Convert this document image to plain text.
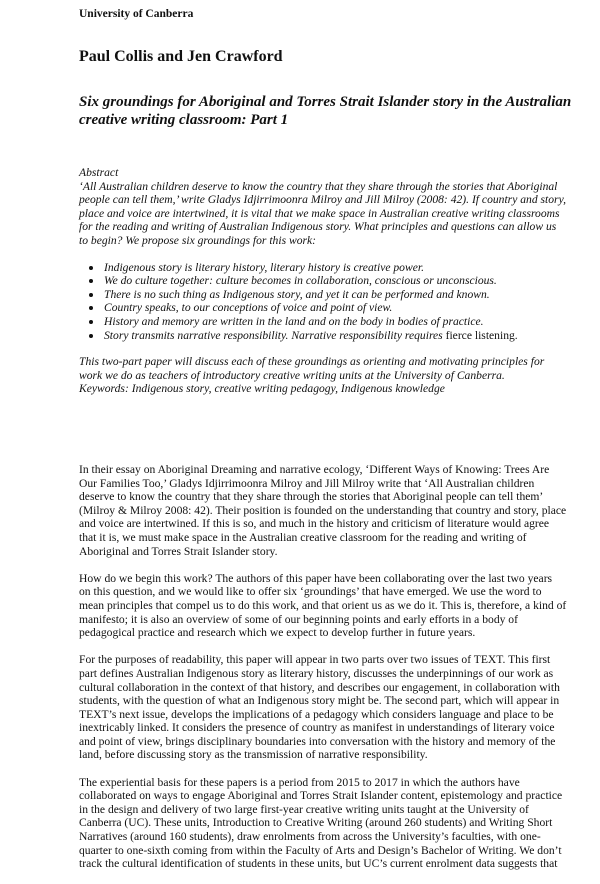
University of Canberra
Paul Collis and Jen Crawford
Six groundings for Aboriginal and Torres Strait Islander story in the Australian
creative writing classroom: Part 1
Abstract
‘All Australian children deserve to know the country that they share through the stories that Aboriginal
people can tell them,’ write Gladys Idjirrimoonra Milroy and Jill Milroy (2008: 42). If country and story,
place and voice are intertwined, it is vital that we make space in Australian creative writing classrooms
for the reading and writing of Australian Indigenous story. What principles and questions can allow us
to begin? We propose six groundings for this work:
Indigenous story is literary history, literary history is creative power.
We do culture together: culture becomes in collaboration, conscious or unconscious.
There is no such thing as Indigenous story, and yet it can be performed and known.
Country speaks, to our conceptions of voice and point of view.
History and memory are written in the land and on the body in bodies of practice.
Story transmits narrative responsibility. Narrative responsibility requires fierce listening.
This two-part paper will discuss each of these groundings as orienting and motivating principles for
work we do as teachers of introductory creative writing units at the University of Canberra.
Keywords: Indigenous story, creative writing pedagogy, Indigenous knowledge
In their essay on Aboriginal Dreaming and narrative ecology, ‘Different Ways of Knowing: Trees Are
Our Families Too,’ Gladys Idjirrimoonra Milroy and Jill Milroy write that ‘All Australian children
deserve to know the country that they share through the stories that Aboriginal people can tell them’
(Milroy & Milroy 2008: 42). Their position is founded on the understanding that country and story, place
and voice are intertwined. If this is so, and much in the history and criticism of literature would agree
that it is, we must make space in the Australian creative classroom for the reading and writing of
Aboriginal and Torres Strait Islander story.
How do we begin this work? The authors of this paper have been collaborating over the last two years
on this question, and we would like to offer six ‘groundings’ that have emerged. We use the word to
mean principles that compel us to do this work, and that orient us as we do it. This is, therefore, a kind of
manifesto; it is also an overview of some of our beginning points and early efforts in a body of
pedagogical practice and research which we expect to develop further in future years.
For the purposes of readability, this paper will appear in two parts over two issues of TEXT. This first
part defines Australian Indigenous story as literary history, discusses the underpinnings of our work as
cultural collaboration in the context of that history, and describes our engagement, in collaboration with
students, with the question of what an Indigenous story might be. The second part, which will appear in
TEXT’s next issue, develops the implications of a pedagogy which considers language and place to be
inextricably linked. It considers the presence of country as manifest in understandings of literary voice
and point of view, brings disciplinary boundaries into conversation with the history and memory of the
land, before discussing story as the transmission of narrative responsibility.
The experiential basis for these papers is a period from 2015 to 2017 in which the authors have
collaborated on ways to engage Aboriginal and Torres Strait Islander content, epistemology and practice
in the design and delivery of two large first-year creative writing units taught at the University of
Canberra (UC). These units, Introduction to Creative Writing (around 260 students) and Writing Short
Narratives (around 160 students), draw enrolments from across the University’s faculties, with one-
quarter to one-sixth coming from within the Faculty of Arts and Design’s Bachelor of Writing. We don’t
track the cultural identification of students in these units, but UC’s current enrolment data suggests that
